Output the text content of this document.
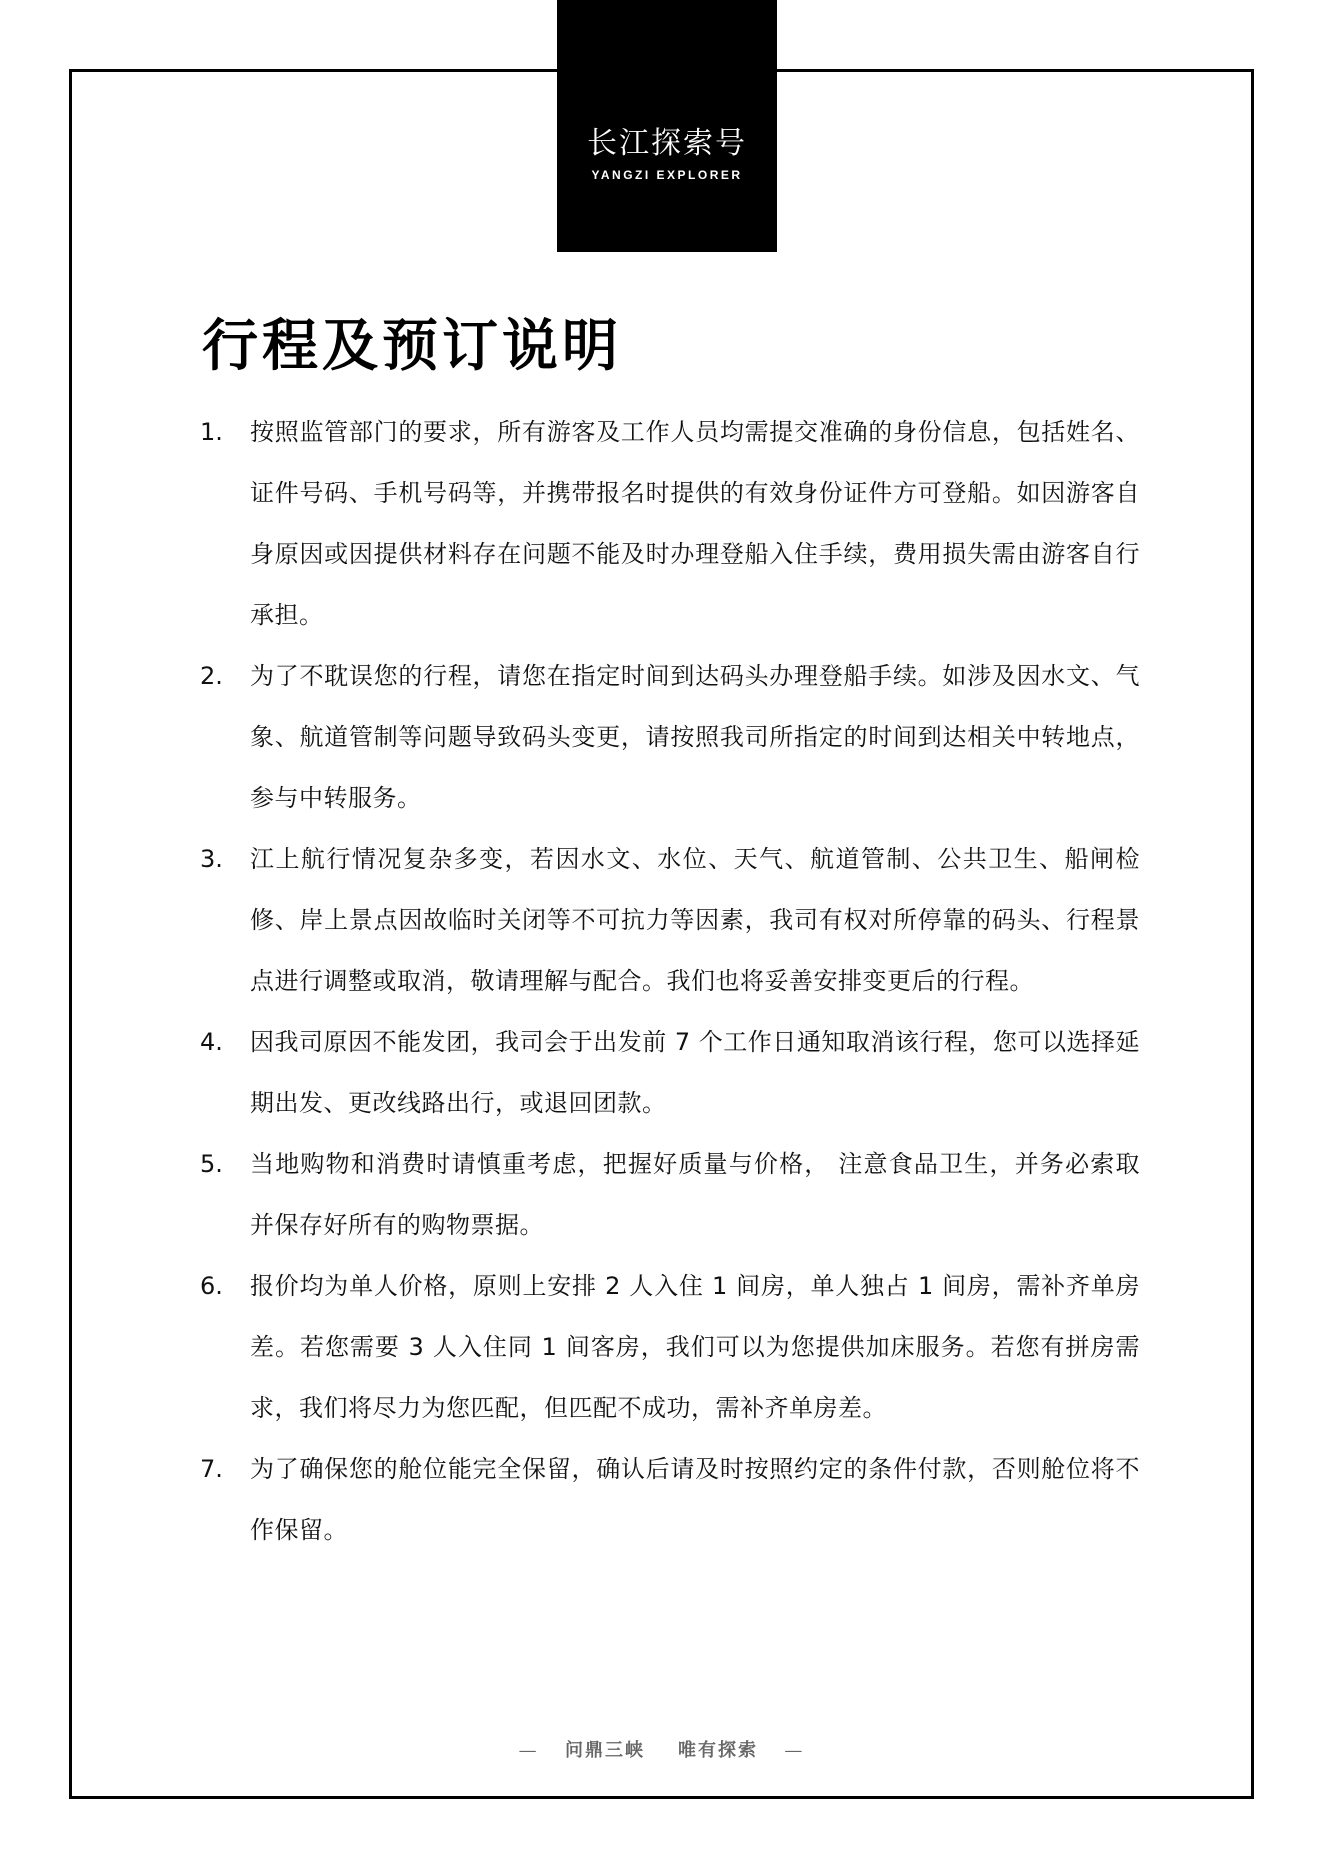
长江探索号
YANGZI EXPLORER
行程及预订说明
1.	按照监管部门的要求，所有游客及工作人员均需提交准确的身份信息，包括姓名、证件号码、手机号码等，并携带报名时提供的有效身份证件方可登船。如因游客自身原因或因提供材料存在问题不能及时办理登船入住手续，费用损失需由游客自行承担。
2.	为了不耽误您的行程，请您在指定时间到达码头办理登船手续。如涉及因水文、气象、航道管制等问题导致码头变更，请按照我司所指定的时间到达相关中转地点，参与中转服务。
3.	江上航行情况复杂多变，若因水文、水位、天气、航道管制、公共卫生、船闸检修、岸上景点因故临时关闭等不可抗力等因素，我司有权对所停靠的码头、行程景点进行调整或取消，敬请理解与配合。我们也将妥善安排变更后的行程。
4.	因我司原因不能发团，我司会于出发前 7 个工作日通知取消该行程，您可以选择延期出发、更改线路出行，或退回团款。
5.	当地购物和消费时请慎重考虑，把握好质量与价格， 注意食品卫生，并务必索取并保存好所有的购物票据。
6.	报价均为单人价格，原则上安排 2 人入住 1 间房，单人独占 1 间房，需补齐单房差。若您需要 3 人入住同 1 间客房，我们可以为您提供加床服务。若您有拼房需求，我们将尽力为您匹配，但匹配不成功，需补齐单房差。
7.	为了确保您的舱位能完全保留，确认后请及时按照约定的条件付款，否则舱位将不作保留。
— 问鼎三峡 唯有探索 —
